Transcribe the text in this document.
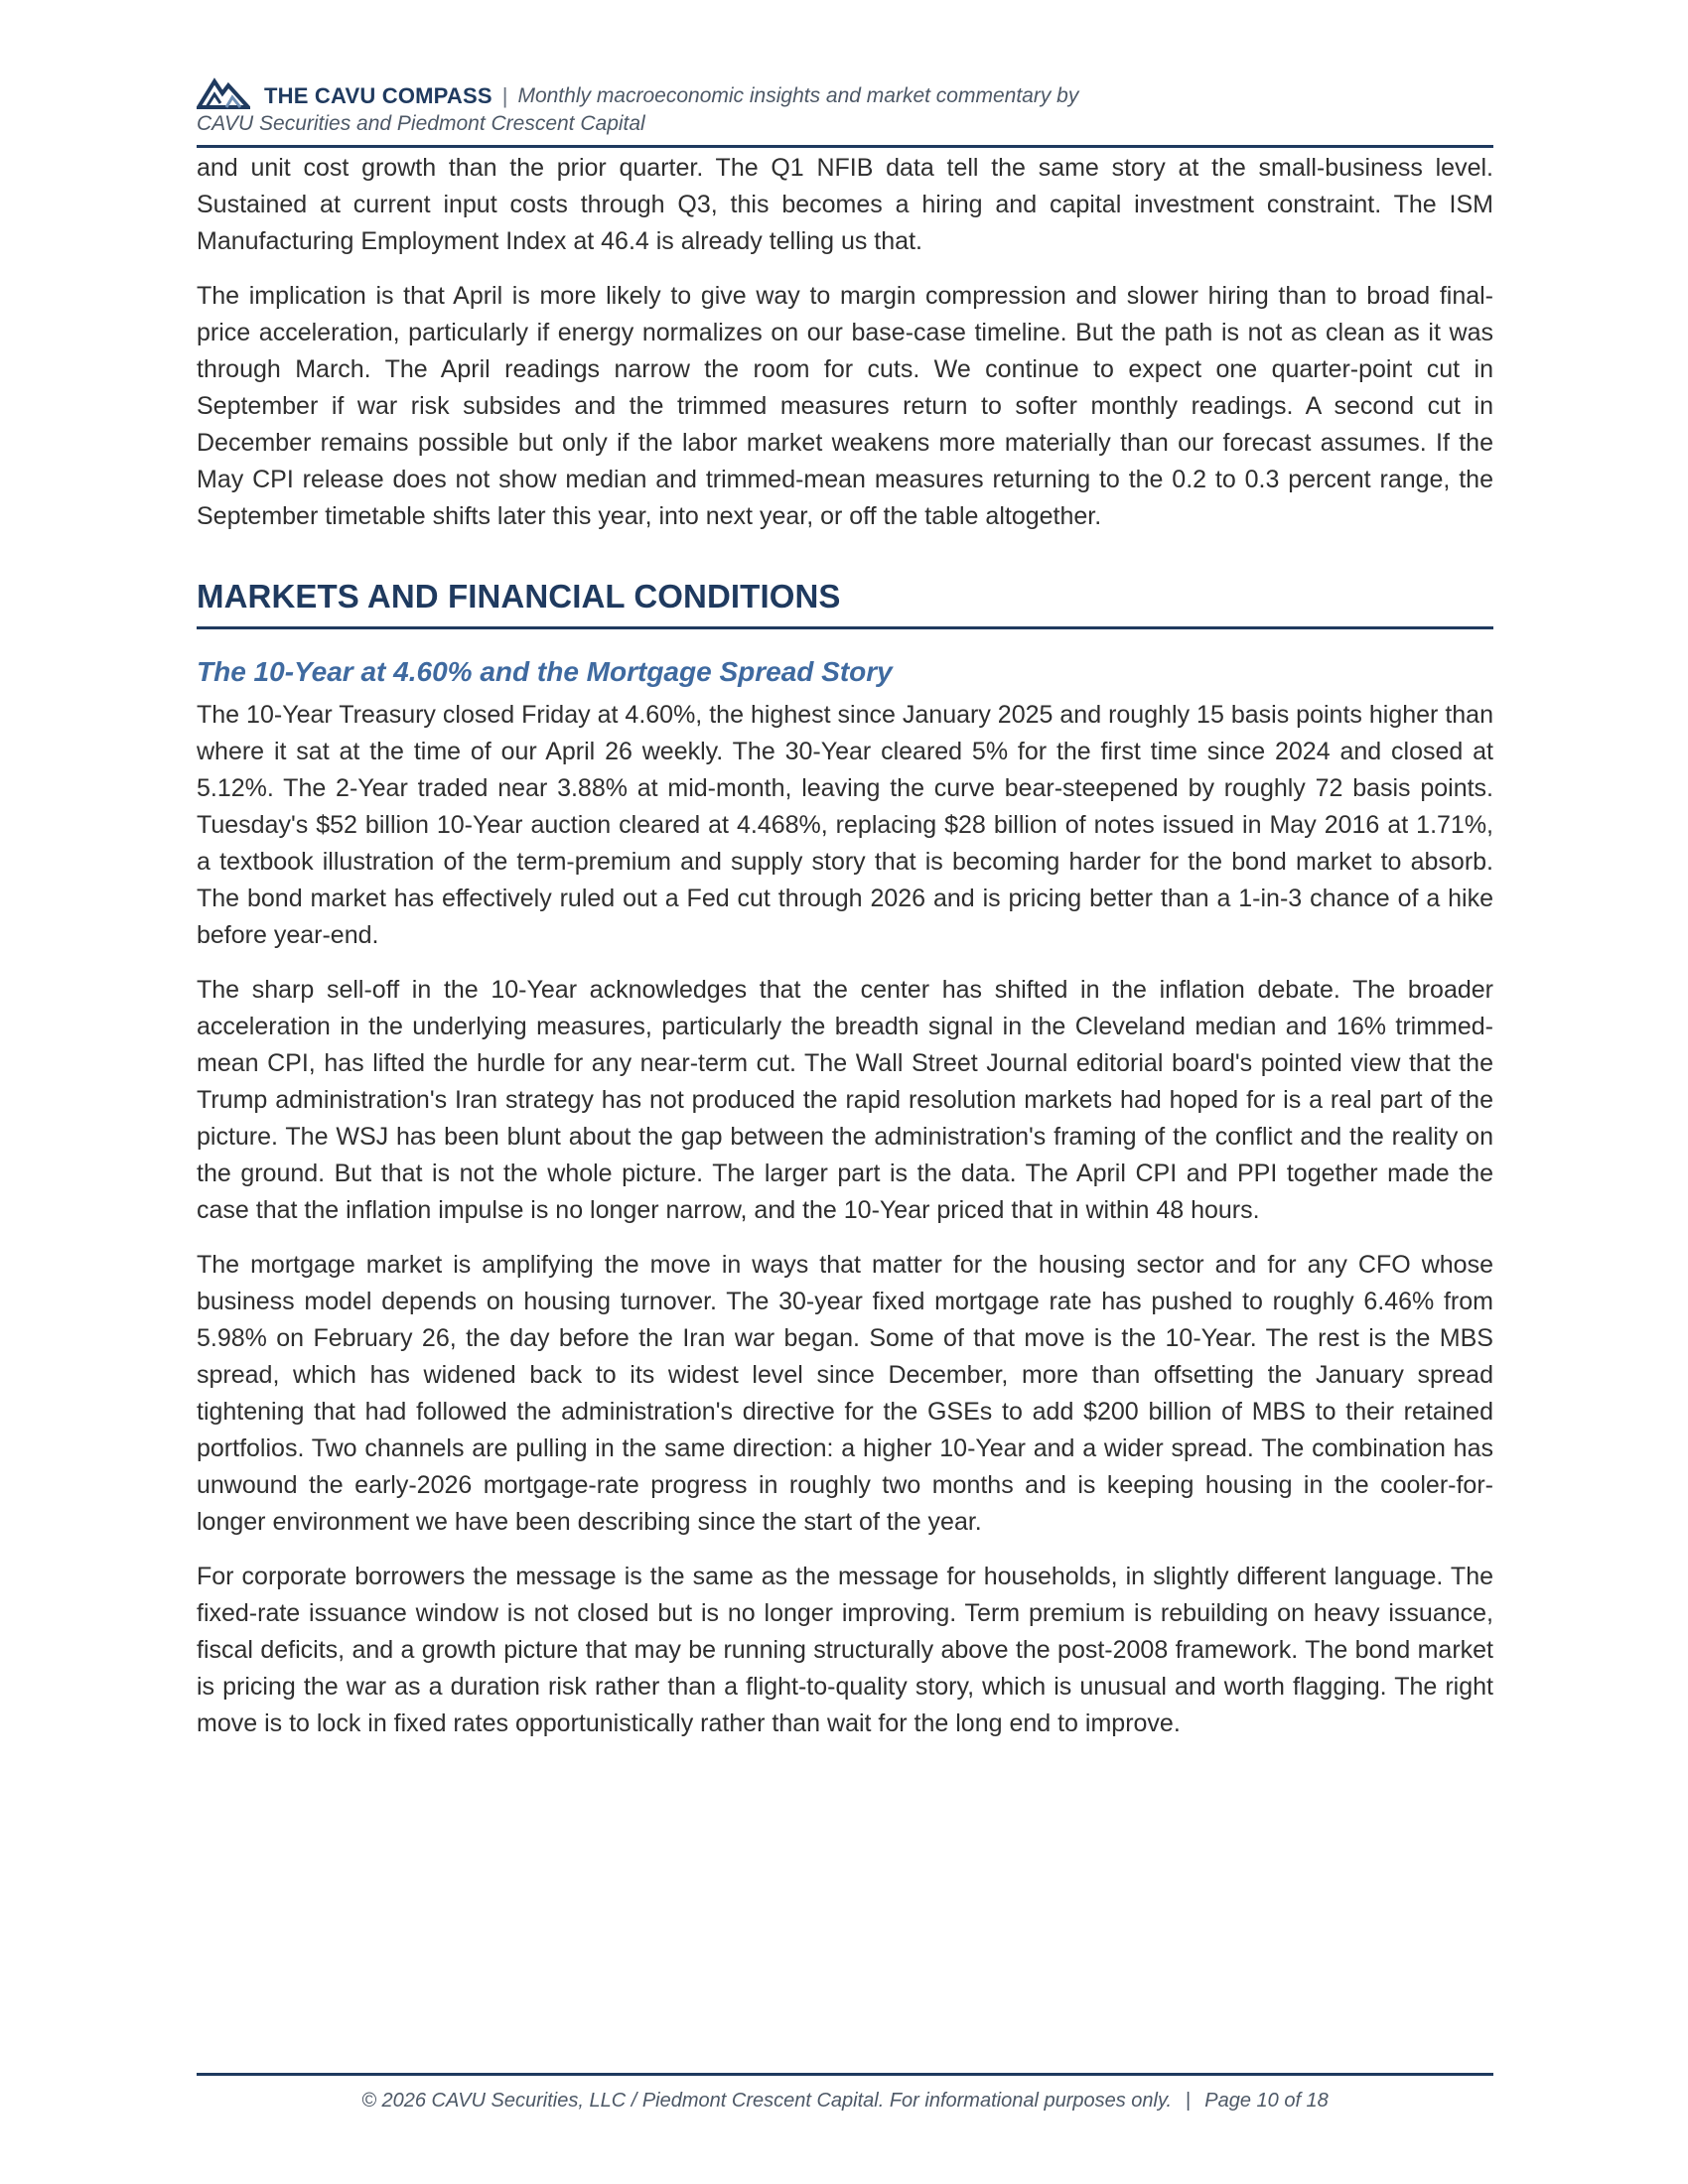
THE CAVU COMPASS | Monthly macroeconomic insights and market commentary by
CAVU Securities and Piedmont Crescent Capital

and unit cost growth than the prior quarter. The Q1 NFIB data tell the same story at the small-business level. Sustained at current input costs through Q3, this becomes a hiring and capital investment constraint. The ISM Manufacturing Employment Index at 46.4 is already telling us that.

The implication is that April is more likely to give way to margin compression and slower hiring than to broad final-price acceleration, particularly if energy normalizes on our base-case timeline. But the path is not as clean as it was through March. The April readings narrow the room for cuts. We continue to expect one quarter-point cut in September if war risk subsides and the trimmed measures return to softer monthly readings. A second cut in December remains possible but only if the labor market weakens more materially than our forecast assumes. If the May CPI release does not show median and trimmed-mean measures returning to the 0.2 to 0.3 percent range, the September timetable shifts later this year, into next year, or off the table altogether.

MARKETS AND FINANCIAL CONDITIONS
The 10-Year at 4.60% and the Mortgage Spread Story

The 10-Year Treasury closed Friday at 4.60%, the highest since January 2025 and roughly 15 basis points higher than where it sat at the time of our April 26 weekly. The 30-Year cleared 5% for the first time since 2024 and closed at 5.12%. The 2-Year traded near 3.88% at mid-month, leaving the curve bear-steepened by roughly 72 basis points. Tuesday's $52 billion 10-Year auction cleared at 4.468%, replacing $28 billion of notes issued in May 2016 at 1.71%, a textbook illustration of the term-premium and supply story that is becoming harder for the bond market to absorb. The bond market has effectively ruled out a Fed cut through 2026 and is pricing better than a 1-in-3 chance of a hike before year-end.

The sharp sell-off in the 10-Year acknowledges that the center has shifted in the inflation debate. The broader acceleration in the underlying measures, particularly the breadth signal in the Cleveland median and 16% trimmed-mean CPI, has lifted the hurdle for any near-term cut. The Wall Street Journal editorial board's pointed view that the Trump administration's Iran strategy has not produced the rapid resolution markets had hoped for is a real part of the picture. The WSJ has been blunt about the gap between the administration's framing of the conflict and the reality on the ground. But that is not the whole picture. The larger part is the data. The April CPI and PPI together made the case that the inflation impulse is no longer narrow, and the 10-Year priced that in within 48 hours.

The mortgage market is amplifying the move in ways that matter for the housing sector and for any CFO whose business model depends on housing turnover. The 30-year fixed mortgage rate has pushed to roughly 6.46% from 5.98% on February 26, the day before the Iran war began. Some of that move is the 10-Year. The rest is the MBS spread, which has widened back to its widest level since December, more than offsetting the January spread tightening that had followed the administration's directive for the GSEs to add $200 billion of MBS to their retained portfolios. Two channels are pulling in the same direction: a higher 10-Year and a wider spread. The combination has unwound the early-2026 mortgage-rate progress in roughly two months and is keeping housing in the cooler-for-longer environment we have been describing since the start of the year.

For corporate borrowers the message is the same as the message for households, in slightly different language. The fixed-rate issuance window is not closed but is no longer improving. Term premium is rebuilding on heavy issuance, fiscal deficits, and a growth picture that may be running structurally above the post-2008 framework. The bond market is pricing the war as a duration risk rather than a flight-to-quality story, which is unusual and worth flagging. The right move is to lock in fixed rates opportunistically rather than wait for the long end to improve.

© 2026 CAVU Securities, LLC / Piedmont Crescent Capital. For informational purposes only. | Page 10 of 18
